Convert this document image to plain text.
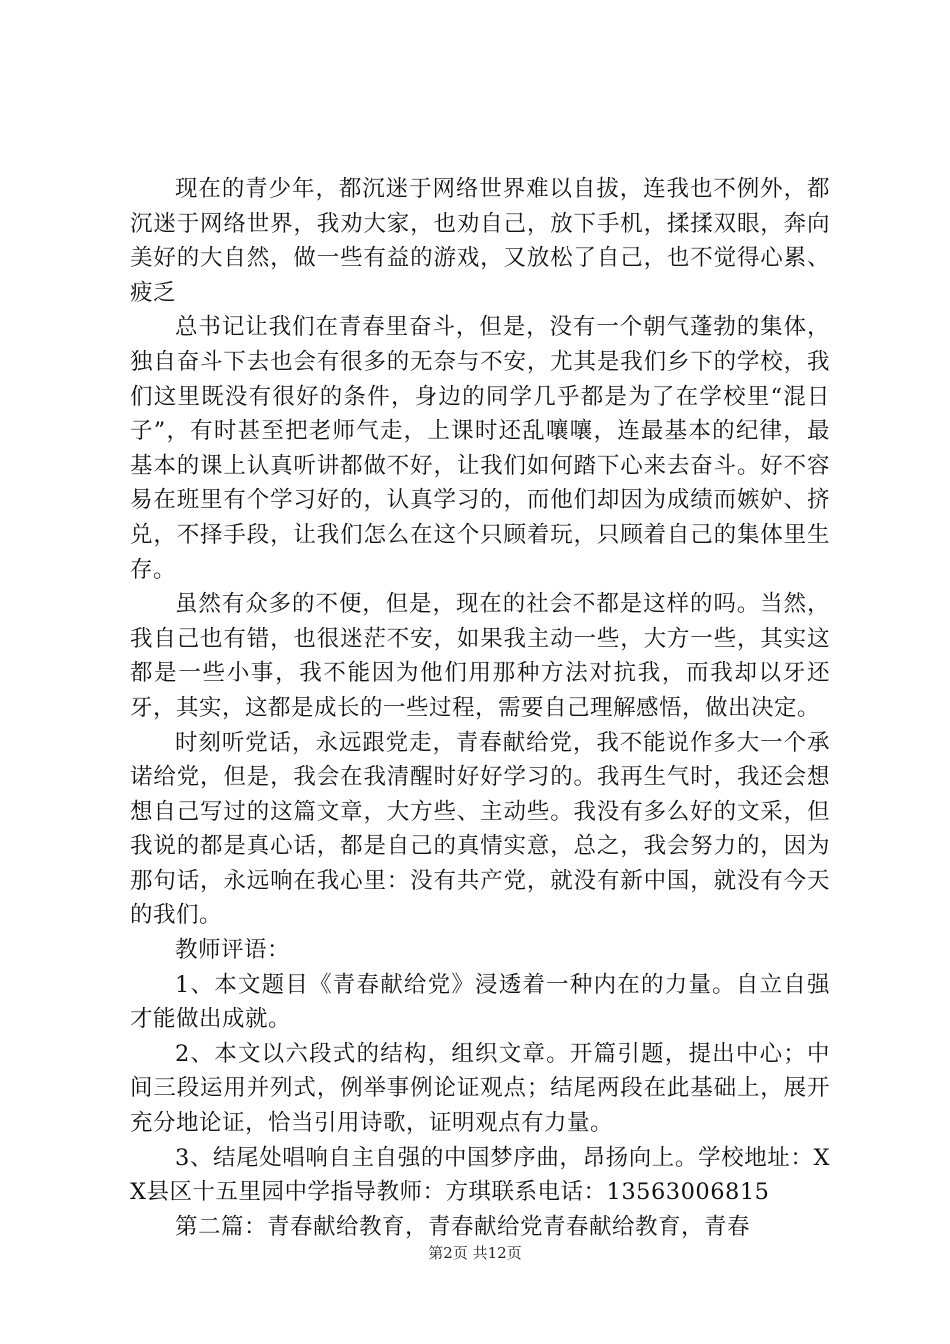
现在的青少年，都沉迷于网络世界难以自拔，连我也不例外，都沉迷于网络世界，我劝大家，也劝自己，放下手机，揉揉双眼，奔向美好的大自然，做一些有益的游戏，又放松了自己，也不觉得心累、疲乏

总书记让我们在青春里奋斗，但是，没有一个朝气蓬勃的集体，独自奋斗下去也会有很多的无奈与不安，尤其是我们乡下的学校，我们这里既没有很好的条件，身边的同学几乎都是为了在学校里“混日子”，有时甚至把老师气走，上课时还乱嚷嚷，连最基本的纪律，最基本的课上认真听讲都做不好，让我们如何踏下心来去奋斗。好不容易在班里有个学习好的，认真学习的，而他们却因为成绩而嫉妒、挤兑，不择手段，让我们怎么在这个只顾着玩，只顾着自己的集体里生存。

虽然有众多的不便，但是，现在的社会不都是这样的吗。当然，我自己也有错，也很迷茫不安，如果我主动一些，大方一些，其实这都是一些小事，我不能因为他们用那种方法对抗我，而我却以牙还牙，其实，这都是成长的一些过程，需要自己理解感悟，做出决定。

时刻听党话，永远跟党走，青春献给党，我不能说作多大一个承诺给党，但是，我会在我清醒时好好学习的。我再生气时，我还会想想自己写过的这篇文章，大方些、主动些。我没有多么好的文采，但我说的都是真心话，都是自己的真情实意，总之，我会努力的，因为那句话，永远响在我心里：没有共产党，就没有新中国，就没有今天的我们。

教师评语：

1、本文题目《青春献给党》浸透着一种内在的力量。自立自强才能做出成就。

2、本文以六段式的结构，组织文章。开篇引题，提出中心；中间三段运用并列式，例举事例论证观点；结尾两段在此基础上，展开充分地论证，恰当引用诗歌，证明观点有力量。

3、结尾处唱响自主自强的中国梦序曲，昂扬向上。学校地址：XX县区十五里园中学指导教师：方琪联系电话：13563006815

第二篇：青春献给教育，青春献给党青春献给教育，青春

第2页 共12页
